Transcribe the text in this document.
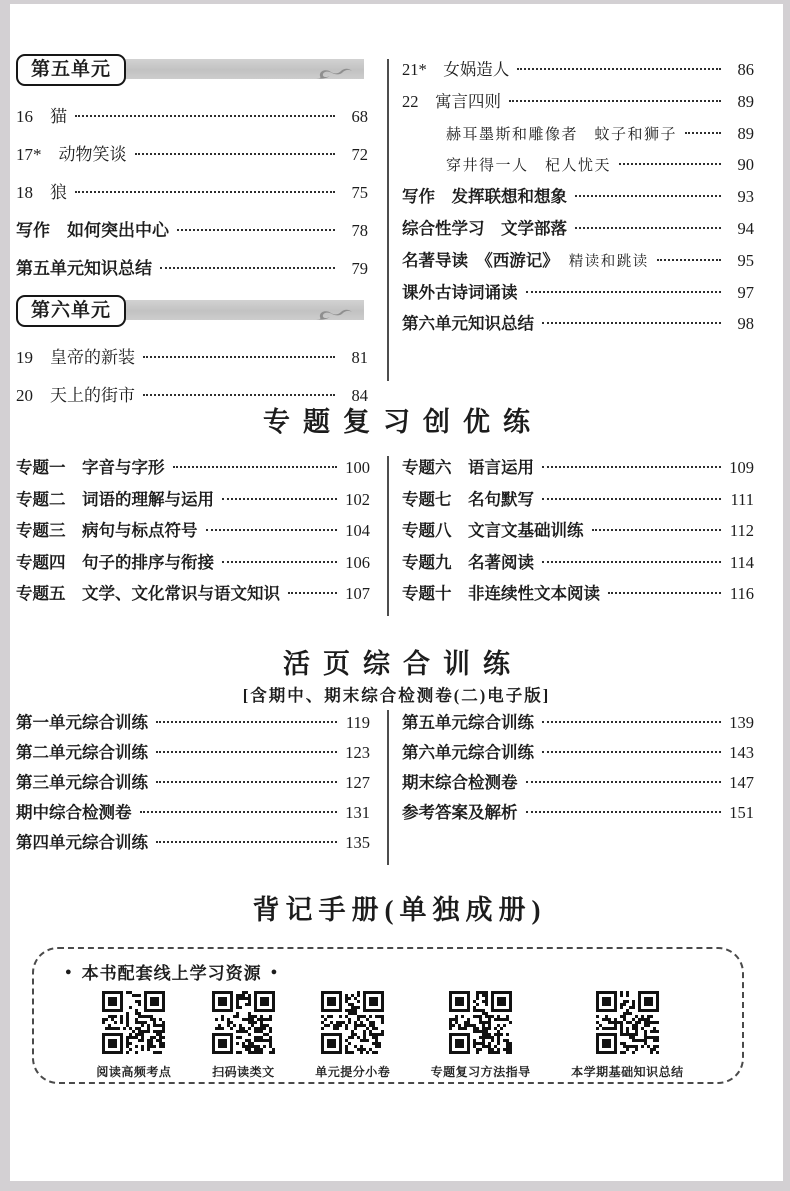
第五单元
16　猫	68
17*　动物笑谈	72
18　狼	75
写作　如何突出中心	78
第五单元知识总结	79
第六单元
19　皇帝的新装	81
20　天上的街市	84
21*　女娲造人	86
22　寓言四则	89
赫耳墨斯和雕像者　蚊子和狮子	89
穿井得一人　杞人忧天	90
写作　发挥联想和想象	93
综合性学习　文学部落	94
名著导读　《西游记》 精读和跳读	95
课外古诗词诵读	97
第六单元知识总结	98
专题复习创优练
专题一　字音与字形	100
专题二　词语的理解与运用	102
专题三　病句与标点符号	104
专题四　句子的排序与衔接	106
专题五　文学、文化常识与语文知识	107
专题六　语言运用	109
专题七　名句默写	111
专题八　文言文基础训练	112
专题九　名著阅读	114
专题十　非连续性文本阅读	116
活页综合训练
[含期中、期末综合检测卷(二)电子版]
第一单元综合训练	119
第二单元综合训练	123
第三单元综合训练	127
期中综合检测卷	131
第四单元综合训练	135
第五单元综合训练	139
第六单元综合训练	143
期末综合检测卷	147
参考答案及解析	151
背记手册(单独成册)
● 本书配套线上学习资源 ●
阅读高频考点	扫码读类文	单元提分小卷	专题复习方法指导	本学期基础知识总结
